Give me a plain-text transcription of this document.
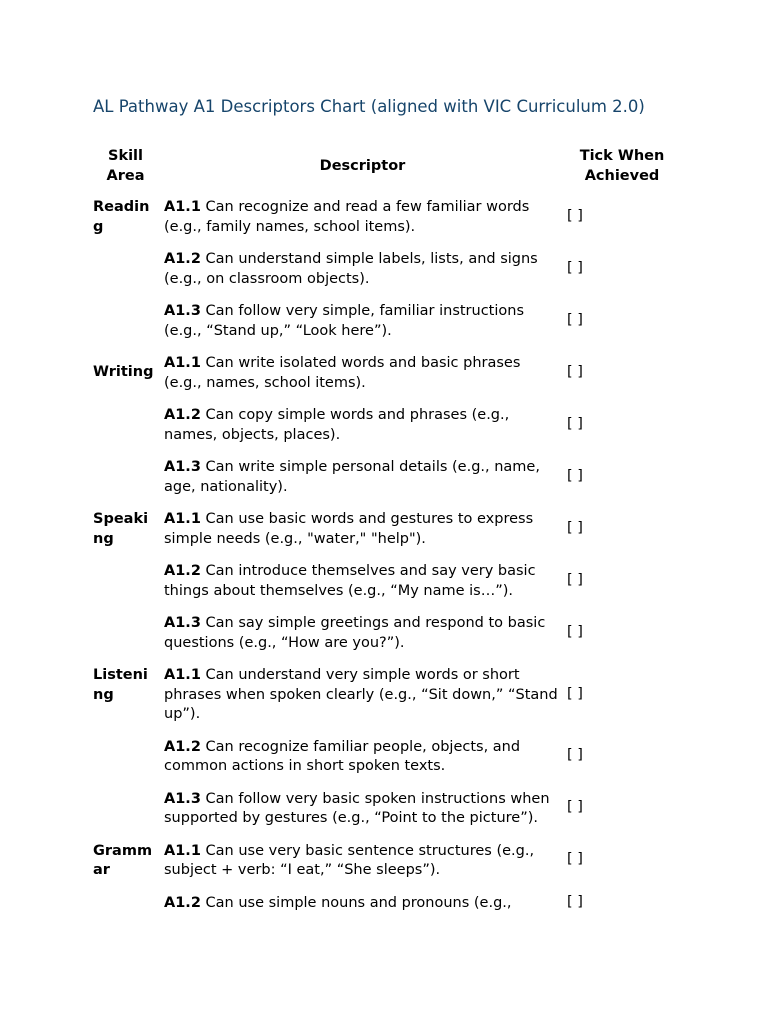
AL Pathway A1 Descriptors Chart (aligned with VIC Curriculum 2.0)
Skill Area	Descriptor	Tick When Achieved
Reading	A1.1 Can recognize and read a few familiar words (e.g., family names, school items).	[ ]
	A1.2 Can understand simple labels, lists, and signs (e.g., on classroom objects).	[ ]
	A1.3 Can follow very simple, familiar instructions (e.g., “Stand up,” “Look here”).	[ ]
Writing	A1.1 Can write isolated words and basic phrases (e.g., names, school items).	[ ]
	A1.2 Can copy simple words and phrases (e.g., names, objects, places).	[ ]
	A1.3 Can write simple personal details (e.g., name, age, nationality).	[ ]
Speaking	A1.1 Can use basic words and gestures to express simple needs (e.g., "water," "help").	[ ]
	A1.2 Can introduce themselves and say very basic things about themselves (e.g., “My name is…”).	[ ]
	A1.3 Can say simple greetings and respond to basic questions (e.g., “How are you?”).	[ ]
Listening	A1.1 Can understand very simple words or short phrases when spoken clearly (e.g., “Sit down,” “Stand up”).	[ ]
	A1.2 Can recognize familiar people, objects, and common actions in short spoken texts.	[ ]
	A1.3 Can follow very basic spoken instructions when supported by gestures (e.g., “Point to the picture”).	[ ]
Grammar	A1.1 Can use very basic sentence structures (e.g., subject + verb: “I eat,” “She sleeps”).	[ ]
	A1.2 Can use simple nouns and pronouns (e.g.,	[ ]
